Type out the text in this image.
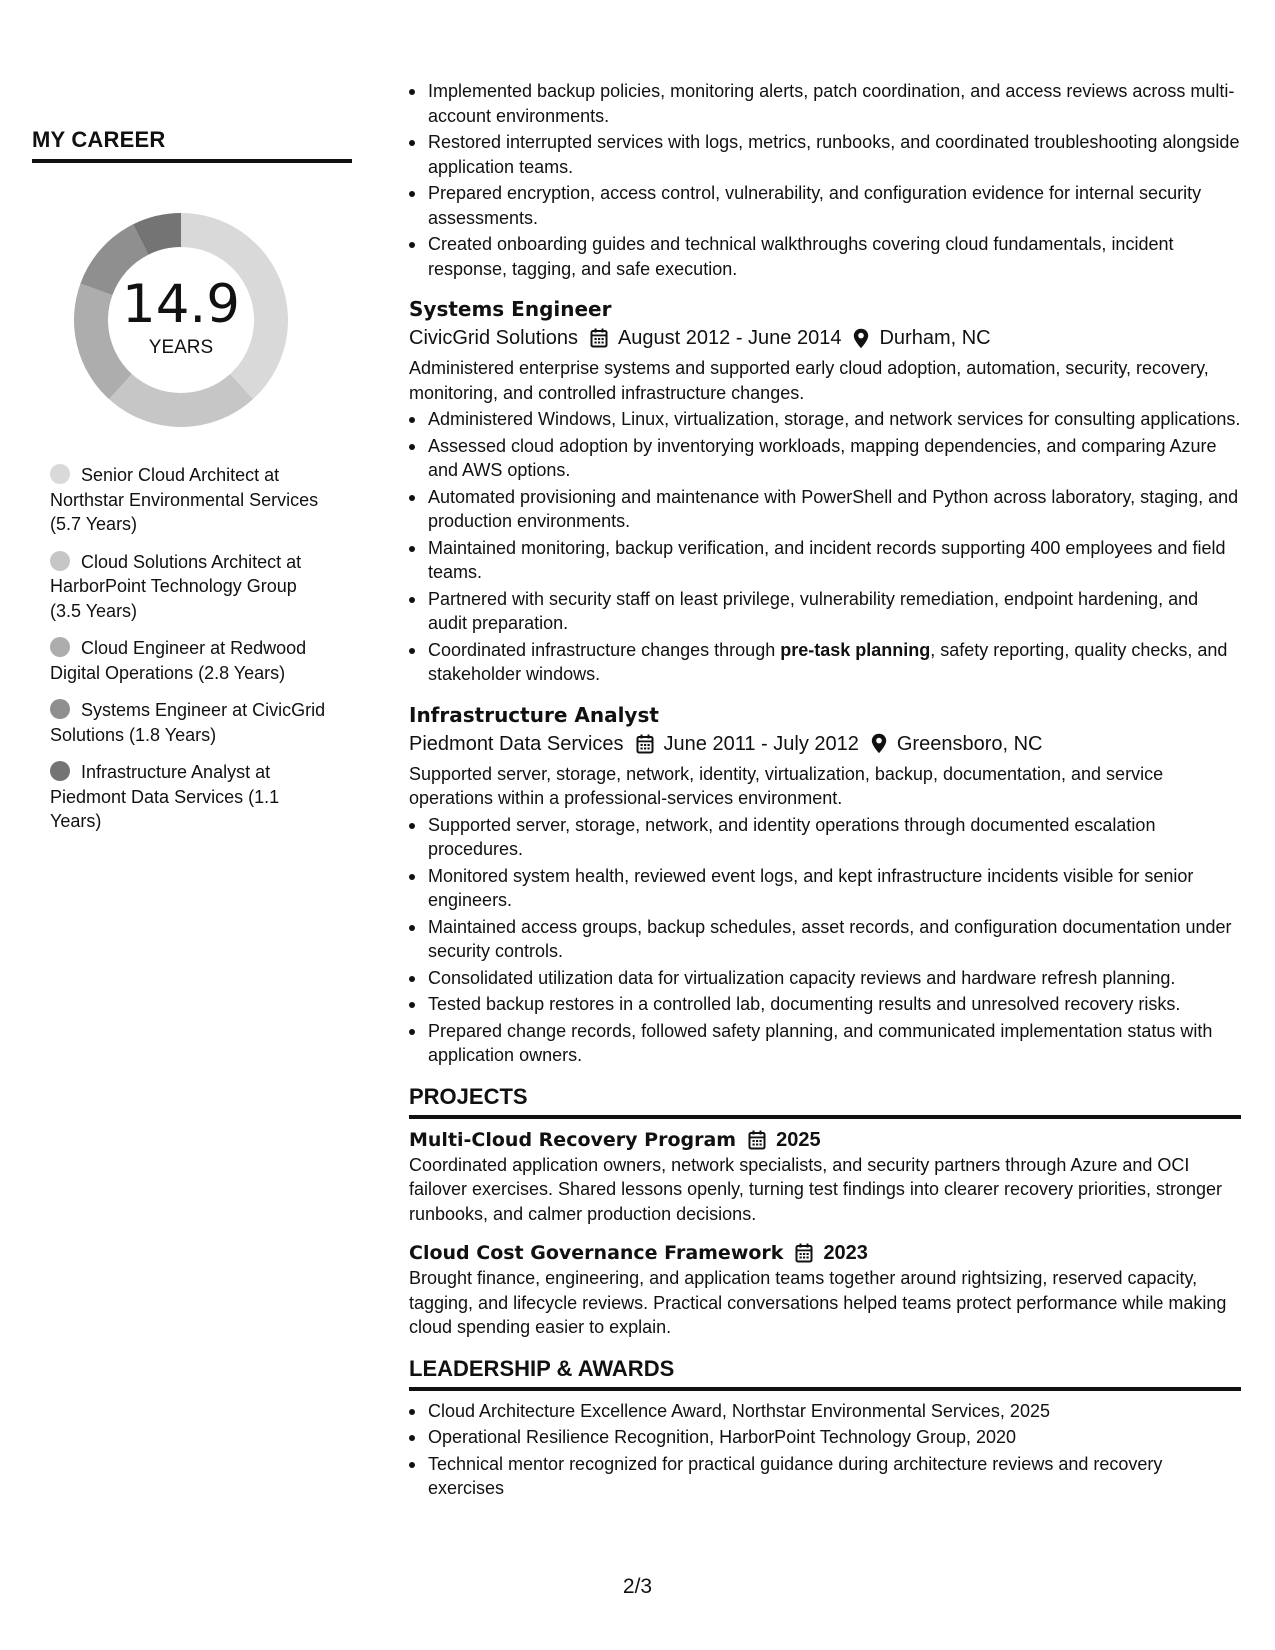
MY CAREER
14.9
YEARS
Senior Cloud Architect at Northstar Environmental Services (5.7 Years)
Cloud Solutions Architect at HarborPoint Technology Group (3.5 Years)
Cloud Engineer at Redwood Digital Operations (2.8 Years)
Systems Engineer at CivicGrid Solutions (1.8 Years)
Infrastructure Analyst at Piedmont Data Services (1.1 Years)
Implemented backup policies, monitoring alerts, patch coordination, and access reviews across multi-account environments.
Restored interrupted services with logs, metrics, runbooks, and coordinated troubleshooting alongside application teams.
Prepared encryption, access control, vulnerability, and configuration evidence for internal security assessments.
Created onboarding guides and technical walkthroughs covering cloud fundamentals, incident response, tagging, and safe execution.
Systems Engineer
CivicGrid Solutions August 2012 - June 2014 Durham, NC

Administered enterprise systems and supported early cloud adoption, automation, security, recovery, monitoring, and controlled infrastructure changes.

Administered Windows, Linux, virtualization, storage, and network services for consulting applications.
Assessed cloud adoption by inventorying workloads, mapping dependencies, and comparing Azure and AWS options.
Automated provisioning and maintenance with PowerShell and Python across laboratory, staging, and production environments.
Maintained monitoring, backup verification, and incident records supporting 400 employees and field teams.
Partnered with security staff on least privilege, vulnerability remediation, endpoint hardening, and audit preparation.
Coordinated infrastructure changes through pre-task planning, safety reporting, quality checks, and stakeholder windows.
Infrastructure Analyst
Piedmont Data Services June 2011 - July 2012 Greensboro, NC

Supported server, storage, network, identity, virtualization, backup, documentation, and service operations within a professional-services environment.

Supported server, storage, network, and identity operations through documented escalation procedures.
Monitored system health, reviewed event logs, and kept infrastructure incidents visible for senior engineers.
Maintained access groups, backup schedules, asset records, and configuration documentation under security controls.
Consolidated utilization data for virtualization capacity reviews and hardware refresh planning.
Tested backup restores in a controlled lab, documenting results and unresolved recovery risks.
Prepared change records, followed safety planning, and communicated implementation status with application owners.
PROJECTS
Multi-Cloud Recovery Program 2025

Coordinated application owners, network specialists, and security partners through Azure and OCI failover exercises. Shared lessons openly, turning test findings into clearer recovery priorities, stronger runbooks, and calmer production decisions.

Cloud Cost Governance Framework 2023

Brought finance, engineering, and application teams together around rightsizing, reserved capacity, tagging, and lifecycle reviews. Practical conversations helped teams protect performance while making cloud spending easier to explain.

LEADERSHIP & AWARDS
Cloud Architecture Excellence Award, Northstar Environmental Services, 2025
Operational Resilience Recognition, HarborPoint Technology Group, 2020
Technical mentor recognized for practical guidance during architecture reviews and recovery exercises
2/3
